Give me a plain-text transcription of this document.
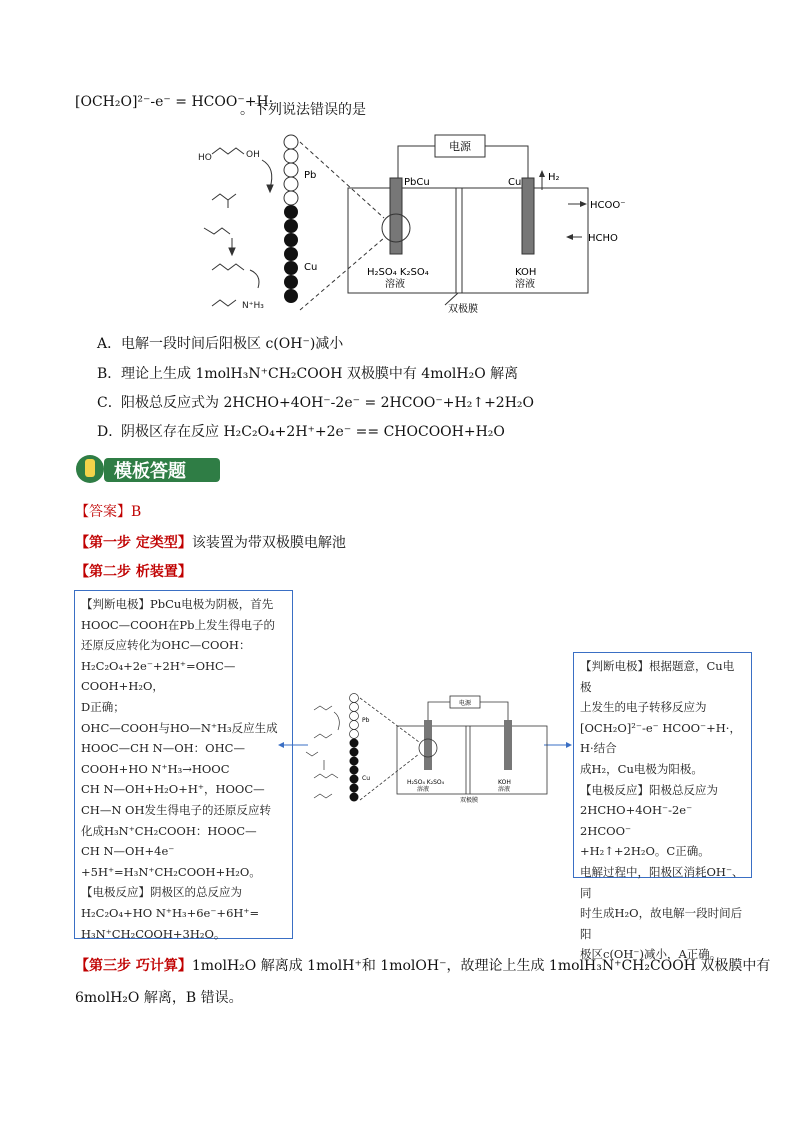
[OCH₂O]²⁻-e⁻ = HCOO⁻+H·
。下列说法错误的是
电源
双极膜
PbCu	Cu	H₂
HCOO⁻
HCHO
H₂SO₄ K₂SO₄
溶液
KOH
溶液
Pb
Cu
HO	OH
N⁺H₃
A．电解一段时间后阳极区 c(OH⁻)减小
B．理论上生成 1molH₃N⁺CH₂COOH 双极膜中有 4molH₂O 解离
C．阳极总反应式为 2HCHO+4OH⁻-2e⁻ = 2HCOO⁻+H₂↑+2H₂O
D．阴极区存在反应 H₂C₂O₄+2H⁺+2e⁻ == CHOCOOH+H₂O
模板答题
【答案】B
【第一步 定类型】该装置为带双极膜电解池
【第二步 析装置】
【判断电极】PbCu电极为阴极，首先
HOOC—COOH在Pb上发生得电子的
还原反应转化为OHC—COOH：
H₂C₂O₄+2e⁻+2H⁺=OHC—COOH+H₂O，
D正确；
OHC—COOH与HO—N⁺H₃反应生成
HOOC—CH N—OH：OHC—
COOH+HO N⁺H₃→HOOC
CH N—OH+H₂O+H⁺，HOOC—
CH—N OH发生得电子的还原反应转
化成H₃N⁺CH₂COOH：HOOC—
CH N—OH+4e⁻
+5H⁺=H₃N⁺CH₂COOH+H₂O。
【电极反应】阴极区的总反应为
H₂C₂O₄+HO N⁺H₃+6e⁻+6H⁺=
H₃N⁺CH₂COOH+3H₂O。
电源
H₂SO₄ K₂SO₄
溶液
KOH
溶液
双极膜
Pb
Cu
【判断电极】根据题意，Cu电极
上发生的电子转移反应为
[OCH₂O]²⁻-e⁻ HCOO⁻+H·，H·结合
成H₂，Cu电极为阳极。
【电极反应】阳极总反应为
2HCHO+4OH⁻-2e⁻ 2HCOO⁻
+H₂↑+2H₂O。C正确。
电解过程中，阳极区消耗OH⁻、同
时生成H₂O，故电解一段时间后阳
极区c(OH⁻)减小，A正确。
【第三步 巧计算】1molH₂O 解离成 1molH⁺和 1molOH⁻，故理论上生成 1molH₃N⁺CH₂COOH 双极膜中有
6molH₂O 解离，B 错误。
